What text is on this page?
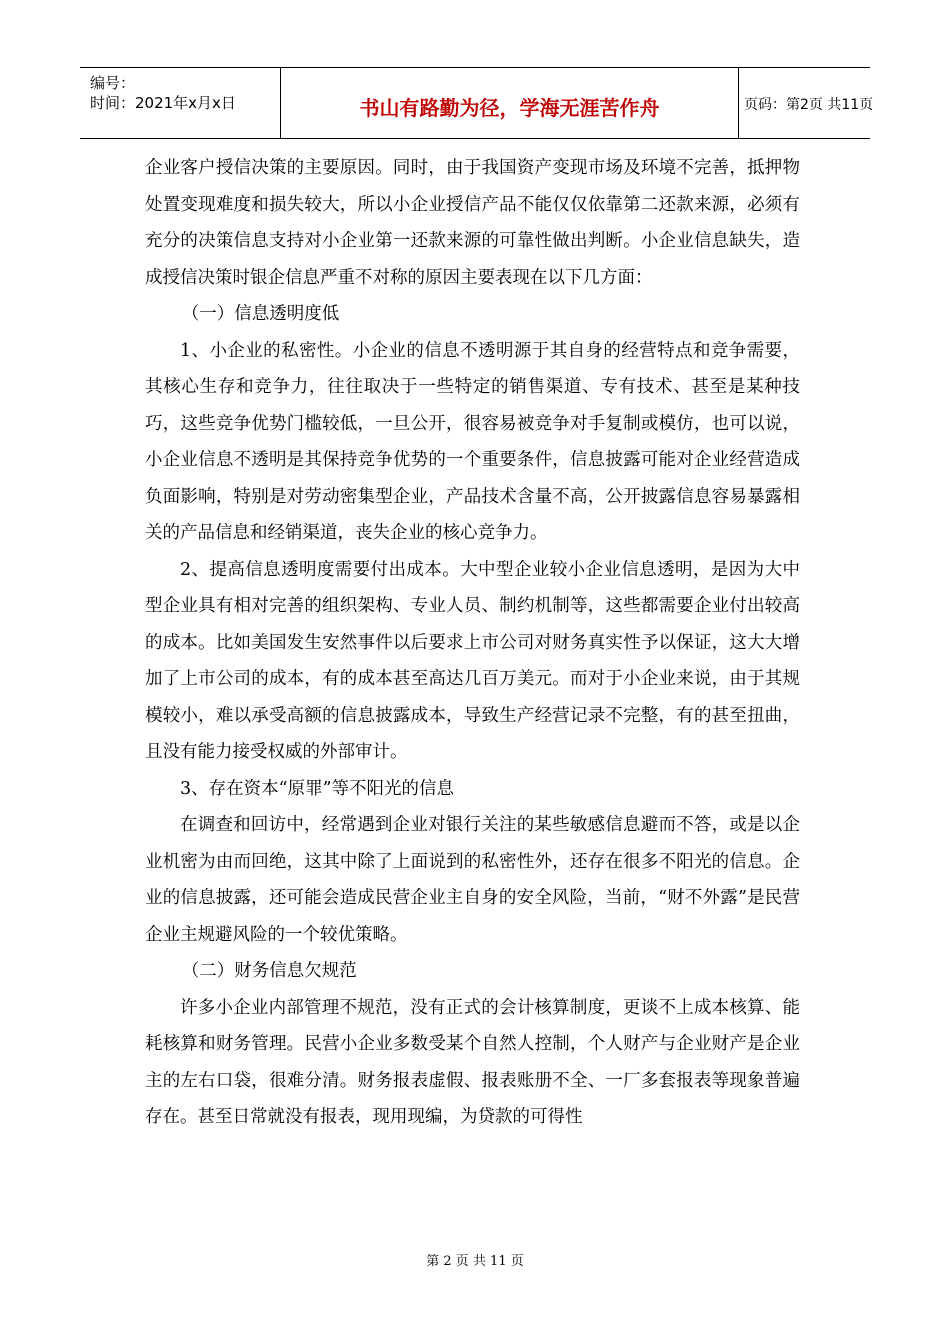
编号：
时间：2021年x月x日	书山有路勤为径，学海无涯苦作舟	页码：第2页 共11页

企业客户授信决策的主要原因。同时，由于我国资产变现市场及环境不完善，抵押物处置变现难度和损失较大，所以小企业授信产品不能仅仅依靠第二还款来源，必须有充分的决策信息支持对小企业第一还款来源的可靠性做出判断。小企业信息缺失，造成授信决策时银企信息严重不对称的原因主要表现在以下几方面：

（一）信息透明度低

1、小企业的私密性。小企业的信息不透明源于其自身的经营特点和竞争需要，其核心生存和竞争力，往往取决于一些特定的销售渠道、专有技术、甚至是某种技巧，这些竞争优势门槛较低，一旦公开，很容易被竞争对手复制或模仿，也可以说，小企业信息不透明是其保持竞争优势的一个重要条件，信息披露可能对企业经营造成负面影响，特别是对劳动密集型企业，产品技术含量不高，公开披露信息容易暴露相关的产品信息和经销渠道，丧失企业的核心竞争力。

2、提高信息透明度需要付出成本。大中型企业较小企业信息透明，是因为大中型企业具有相对完善的组织架构、专业人员、制约机制等，这些都需要企业付出较高的成本。比如美国发生安然事件以后要求上市公司对财务真实性予以保证，这大大增加了上市公司的成本，有的成本甚至高达几百万美元。而对于小企业来说，由于其规模较小，难以承受高额的信息披露成本，导致生产经营记录不完整，有的甚至扭曲，且没有能力接受权威的外部审计。

3、存在资本“原罪”等不阳光的信息

在调查和回访中，经常遇到企业对银行关注的某些敏感信息避而不答，或是以企业机密为由而回绝，这其中除了上面说到的私密性外，还存在很多不阳光的信息。企业的信息披露，还可能会造成民营企业主自身的安全风险，当前，“财不外露”是民营企业主规避风险的一个较优策略。

（二）财务信息欠规范

许多小企业内部管理不规范，没有正式的会计核算制度，更谈不上成本核算、能耗核算和财务管理。民营小企业多数受某个自然人控制，个人财产与企业财产是企业主的左右口袋，很难分清。财务报表虚假、报表账册不全、一厂多套报表等现象普遍存在。甚至日常就没有报表，现用现编，为贷款的可得性

第 2 页 共 11 页
